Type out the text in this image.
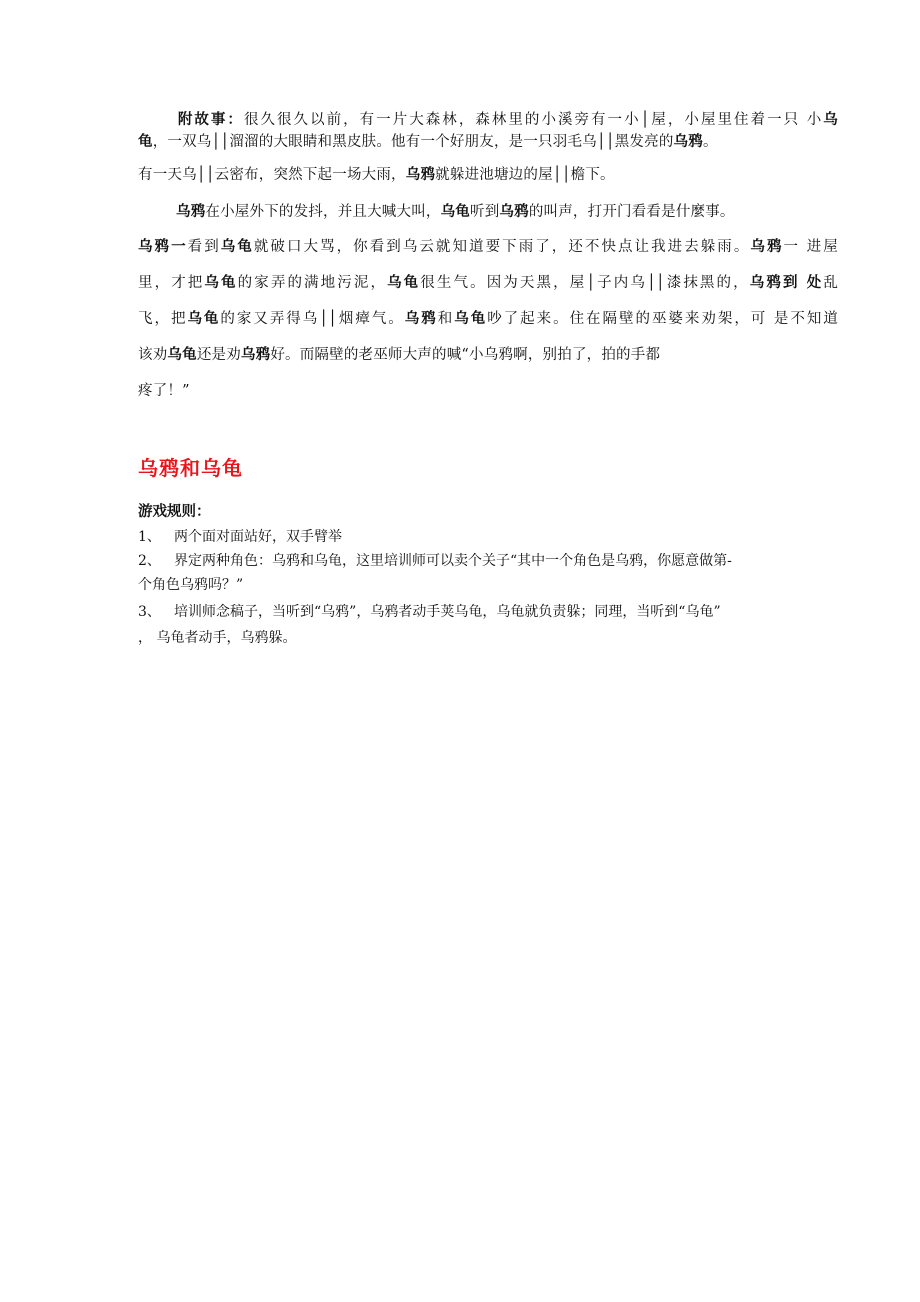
附故事：很久很久以前，有一片大森林，森林里的小溪旁有一小│屋，小屋里住着一只 小乌
龟，一双乌││溜溜的大眼睛和黑皮肤。他有一个好朋友，是一只羽毛乌││黑发亮的乌鸦。
有一天乌││云密布，突然下起一场大雨，乌鸦就躲进池塘边的屋││檐下。
乌鸦在小屋外下的发抖，并且大喊大叫，乌龟听到乌鸦的叫声，打开门看看是什麼事。
乌鸦一看到乌龟就破口大骂，你看到乌云就知道要下雨了，还不快点让我进去躲雨。乌鸦一 进屋
里，才把乌龟的家弄的满地污泥，乌龟很生气。因为天黑，屋│子内乌││漆抹黑的，乌鸦到 处乱
飞，把乌龟的家又弄得乌││烟瘴气。乌鸦和乌龟吵了起来。住在隔壁的巫婆来劝架，可 是不知道
该劝乌龟还是劝乌鸦好。而隔壁的老巫师大声的喊“小乌鸦啊，别拍了，拍的手都
疼了！”
乌鸦和乌龟
游戏规则：
1、 两个面对面站好，双手臂举
2、 界定两种角色：乌鸦和乌龟，这里培训师可以卖个关子“其中一个角色是乌鸦，你愿意做第-
个角色乌鸦吗？”
3、 培训师念稿子，当听到“乌鸦”，乌鸦者动手荚乌龟，乌龟就负责躲；同理，当听到“乌龟”
， 乌龟者动手，乌鸦躲。
